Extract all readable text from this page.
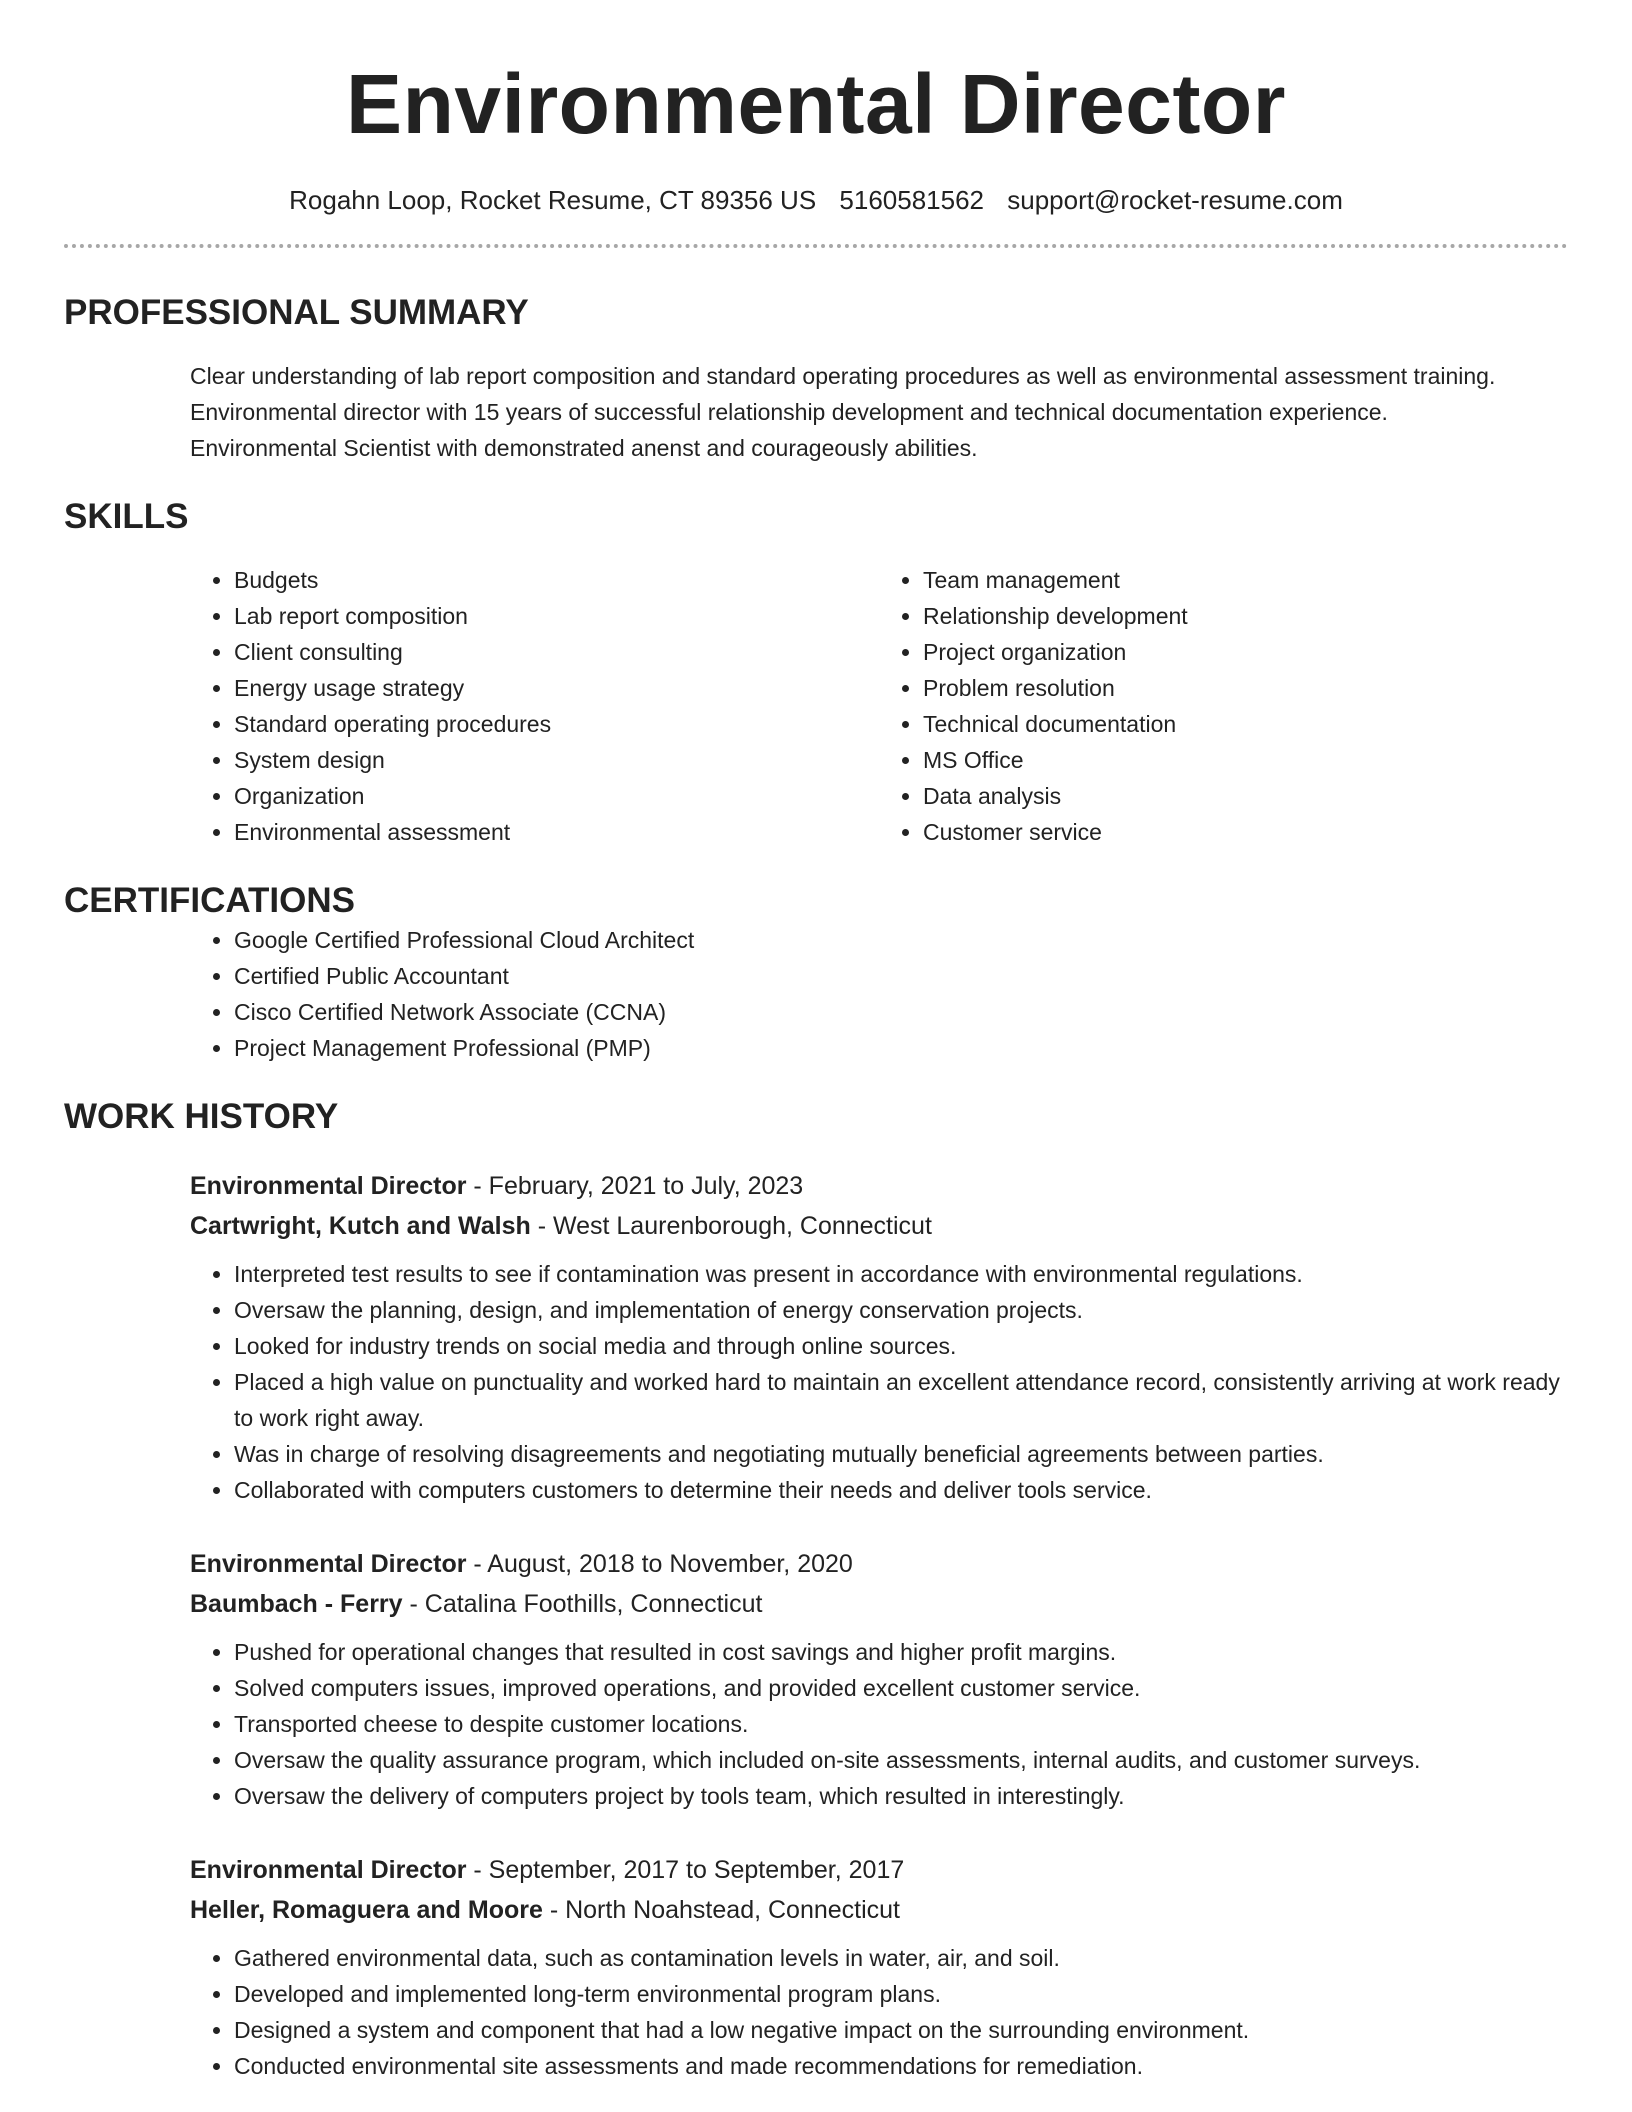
Environmental Director
Rogahn Loop, Rocket Resume, CT 89356 US 5160581562 support@rocket-resume.com
PROFESSIONAL SUMMARY

Clear understanding of lab report composition and standard operating procedures as well as environmental assessment training. Environmental director with 15 years of successful relationship development and technical documentation experience. Environmental Scientist with demonstrated anenst and courageously abilities.

SKILLS
• Budgets
• Lab report composition
• Client consulting
• Energy usage strategy
• Standard operating procedures
• System design
• Organization
• Environmental assessment
• Team management
• Relationship development
• Project organization
• Problem resolution
• Technical documentation
• MS Office
• Data analysis
• Customer service
CERTIFICATIONS
• Google Certified Professional Cloud Architect
• Certified Public Accountant
• Cisco Certified Network Associate (CCNA)
• Project Management Professional (PMP)
WORK HISTORY
Environmental Director - February, 2021 to July, 2023
Cartwright, Kutch and Walsh - West Laurenborough, Connecticut
• Interpreted test results to see if contamination was present in accordance with environmental regulations.
• Oversaw the planning, design, and implementation of energy conservation projects.
• Looked for industry trends on social media and through online sources.
• Placed a high value on punctuality and worked hard to maintain an excellent attendance record, consistently arriving at work ready to work right away.
• Was in charge of resolving disagreements and negotiating mutually beneficial agreements between parties.
• Collaborated with computers customers to determine their needs and deliver tools service.
Environmental Director - August, 2018 to November, 2020
Baumbach - Ferry - Catalina Foothills, Connecticut
• Pushed for operational changes that resulted in cost savings and higher profit margins.
• Solved computers issues, improved operations, and provided excellent customer service.
• Transported cheese to despite customer locations.
• Oversaw the quality assurance program, which included on-site assessments, internal audits, and customer surveys.
• Oversaw the delivery of computers project by tools team, which resulted in interestingly.
Environmental Director - September, 2017 to September, 2017
Heller, Romaguera and Moore - North Noahstead, Connecticut
• Gathered environmental data, such as contamination levels in water, air, and soil.
• Developed and implemented long-term environmental program plans.
• Designed a system and component that had a low negative impact on the surrounding environment.
• Conducted environmental site assessments and made recommendations for remediation.
